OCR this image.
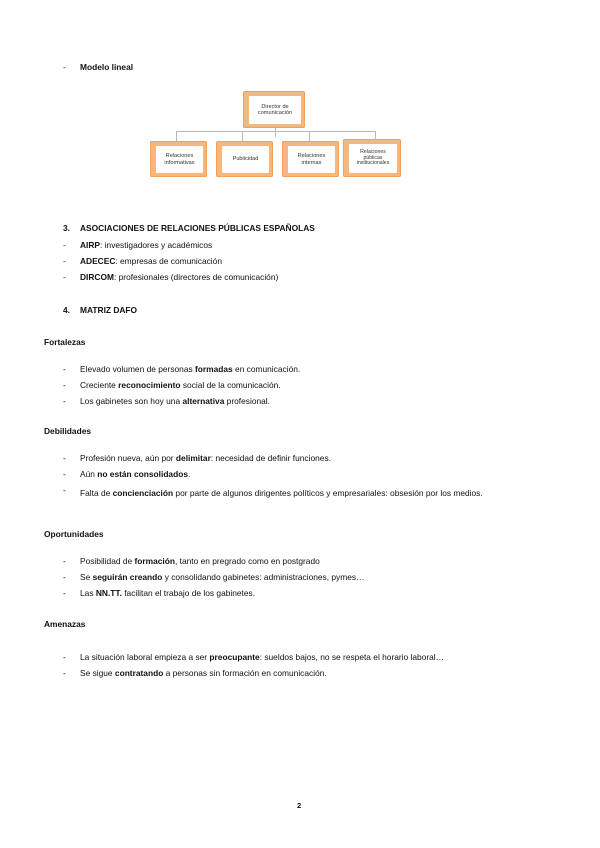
- Modelo lineal
Director de comunicación
Relaciones informativas
Publicidad
Relaciones internas
Relaciones públicas institucionales
3. ASOCIACIONES DE RELACIONES PÚBLICAS ESPAÑOLAS
- AIRP: investigadores y académicos
- ADECEC: empresas de comunicación
- DIRCOM: profesionales (directores de comunicación)
4. MATRIZ DAFO
Fortalezas
- Elevado volumen de personas formadas en comunicación.
- Creciente reconocimiento social de la comunicación.
- Los gabinetes son hoy una alternativa profesional.
Debilidades
- Profesión nueva, aún por delimitar: necesidad de definir funciones.
- Aún no están consolidados.
- Falta de concienciación por parte de algunos dirigentes políticos y empresariales: obsesión por los medios.
Oportunidades
- Posibilidad de formación, tanto en pregrado como en postgrado
- Se seguirán creando y consolidando gabinetes: administraciones, pymes…
- Las NN.TT. facilitan el trabajo de los gabinetes.
Amenazas
- La situación laboral empieza a ser preocupante: sueldos bajos, no se respeta el horario laboral…
- Se sigue contratando a personas sin formación en comunicación.
2
